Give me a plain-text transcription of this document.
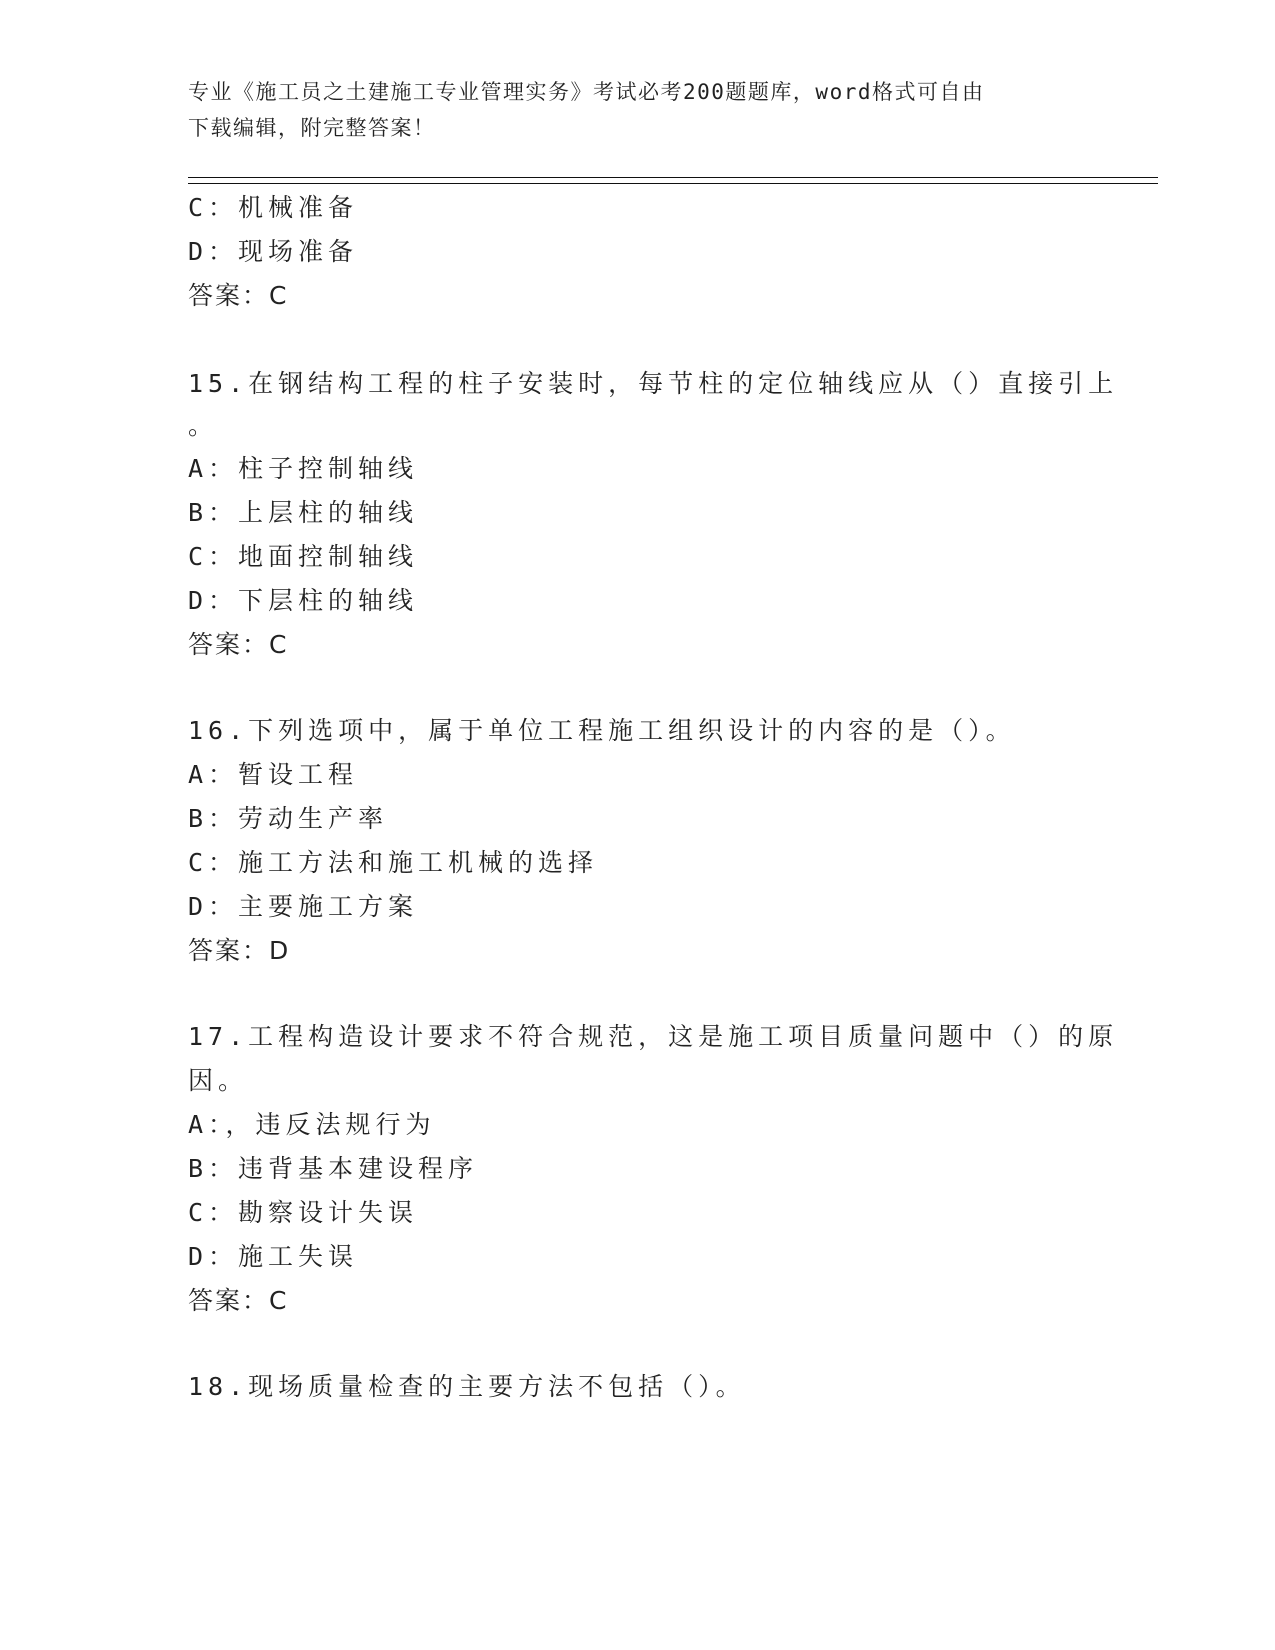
专业《施工员之土建施工专业管理实务》考试必考200题题库，word格式可自由
下载编辑，附完整答案！
C：机械准备
D：现场准备
答案：C
15.在钢结构工程的柱子安装时，每节柱的定位轴线应从（）直接引上
。
A：柱子控制轴线
B：上层柱的轴线
C：地面控制轴线
D：下层柱的轴线
答案：C
16.下列选项中，属于单位工程施工组织设计的内容的是（）。
A：暂设工程
B：劳动生产率
C：施工方法和施工机械的选择
D：主要施工方案
答案：D
17.工程构造设计要求不符合规范，这是施工项目质量问题中（）的原
因。
A：，违反法规行为
B：违背基本建设程序
C：勘察设计失误
D：施工失误
答案：C
18.现场质量检查的主要方法不包括（）。
